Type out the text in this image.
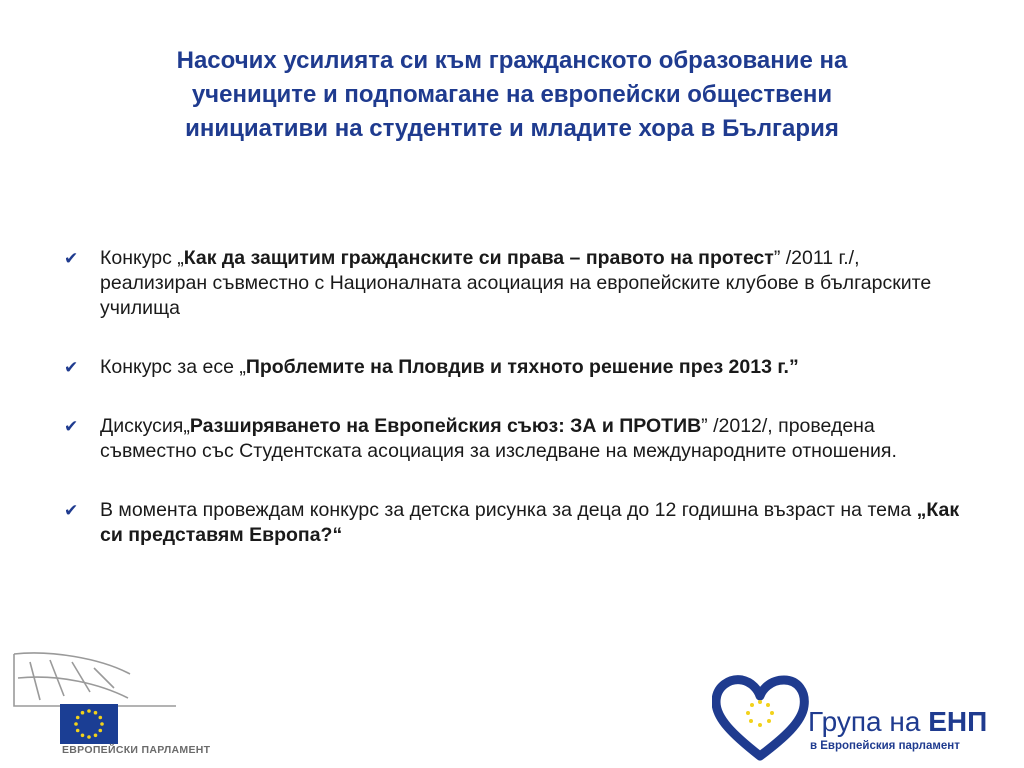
Насочих усилията си към гражданското образование на
учениците и подпомагане на европейски обществени
инициативи на студентите и младите хора в България
✔ Конкурс „Как да защитим гражданските си права – правото на протест” /2011 г./, реализиран съвместно с Националната асоциация на европейските клубове в българските училища
✔ Конкурс за есе „Проблемите на Пловдив и тяхното решение през 2013 г.”
✔ Дискусия„Разширяването на Европейския съюз: ЗА и ПРОТИВ” /2012/, проведена съвместно със Студентската асоциация за изследване на международните отношения.
✔ В момента провеждам конкурс за детска рисунка за деца до 12 годишна възраст на тема „Как си представям Европа?“
ЕВРОПЕЙСКИ ПАРЛАМЕНТ
Група на ЕНП
в Европейския парламент
